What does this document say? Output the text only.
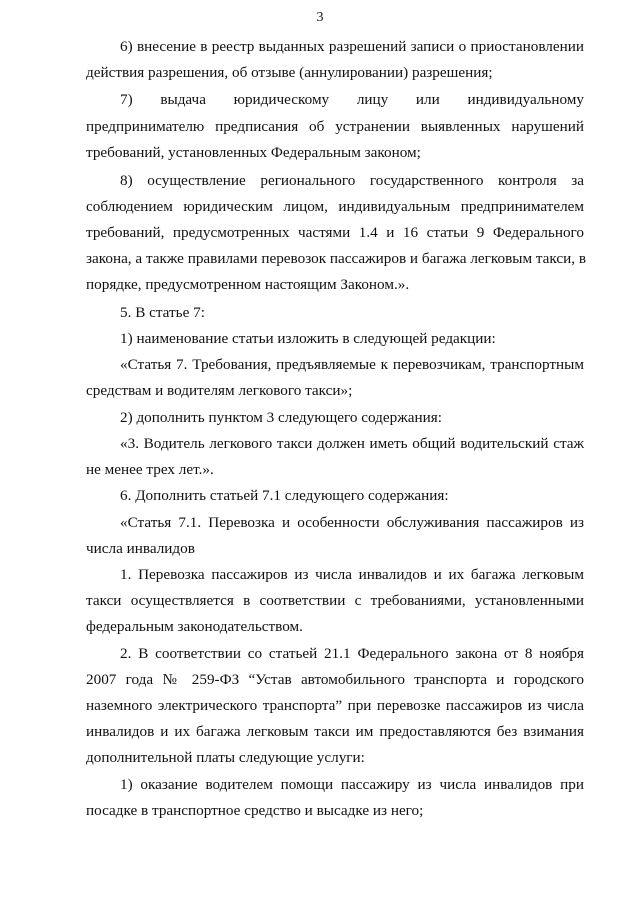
3
6) внесение в реестр выданных разрешений записи о приостановлении
действия разрешения, об отзыве (аннулировании) разрешения;
7) выдача юридическому лицу или индивидуальному
предпринимателю предписания об устранении выявленных нарушений
требований, установленных Федеральным законом;
8) осуществление регионального государственного контроля за
соблюдением юридическим лицом, индивидуальным предпринимателем
требований, предусмотренных частями 1.4 и 16 статьи 9 Федерального
закона, а также правилами перевозок пассажиров и багажа легковым такси, в
порядке, предусмотренном настоящим Законом.».
5. В статье 7:
1) наименование статьи изложить в следующей редакции:
«Статья 7. Требования, предъявляемые к перевозчикам, транспортным
средствам и водителям легкового такси»;
2) дополнить пунктом 3 следующего содержания:
«3. Водитель легкового такси должен иметь общий водительский стаж
не менее трех лет.».
6. Дополнить статьей 7.1 следующего содержания:
«Статья 7.1. Перевозка и особенности обслуживания пассажиров из
числа инвалидов
1. Перевозка пассажиров из числа инвалидов и их багажа легковым
такси осуществляется в соответствии с требованиями, установленными
федеральным законодательством.
2. В соответствии со статьей 21.1 Федерального закона от 8 ноября
2007 года № 259-ФЗ “Устав автомобильного транспорта и городского
наземного электрического транспорта” при перевозке пассажиров из числа
инвалидов и их багажа легковым такси им предоставляются без взимания
дополнительной платы следующие услуги:
1) оказание водителем помощи пассажиру из числа инвалидов при
посадке в транспортное средство и высадке из него;
